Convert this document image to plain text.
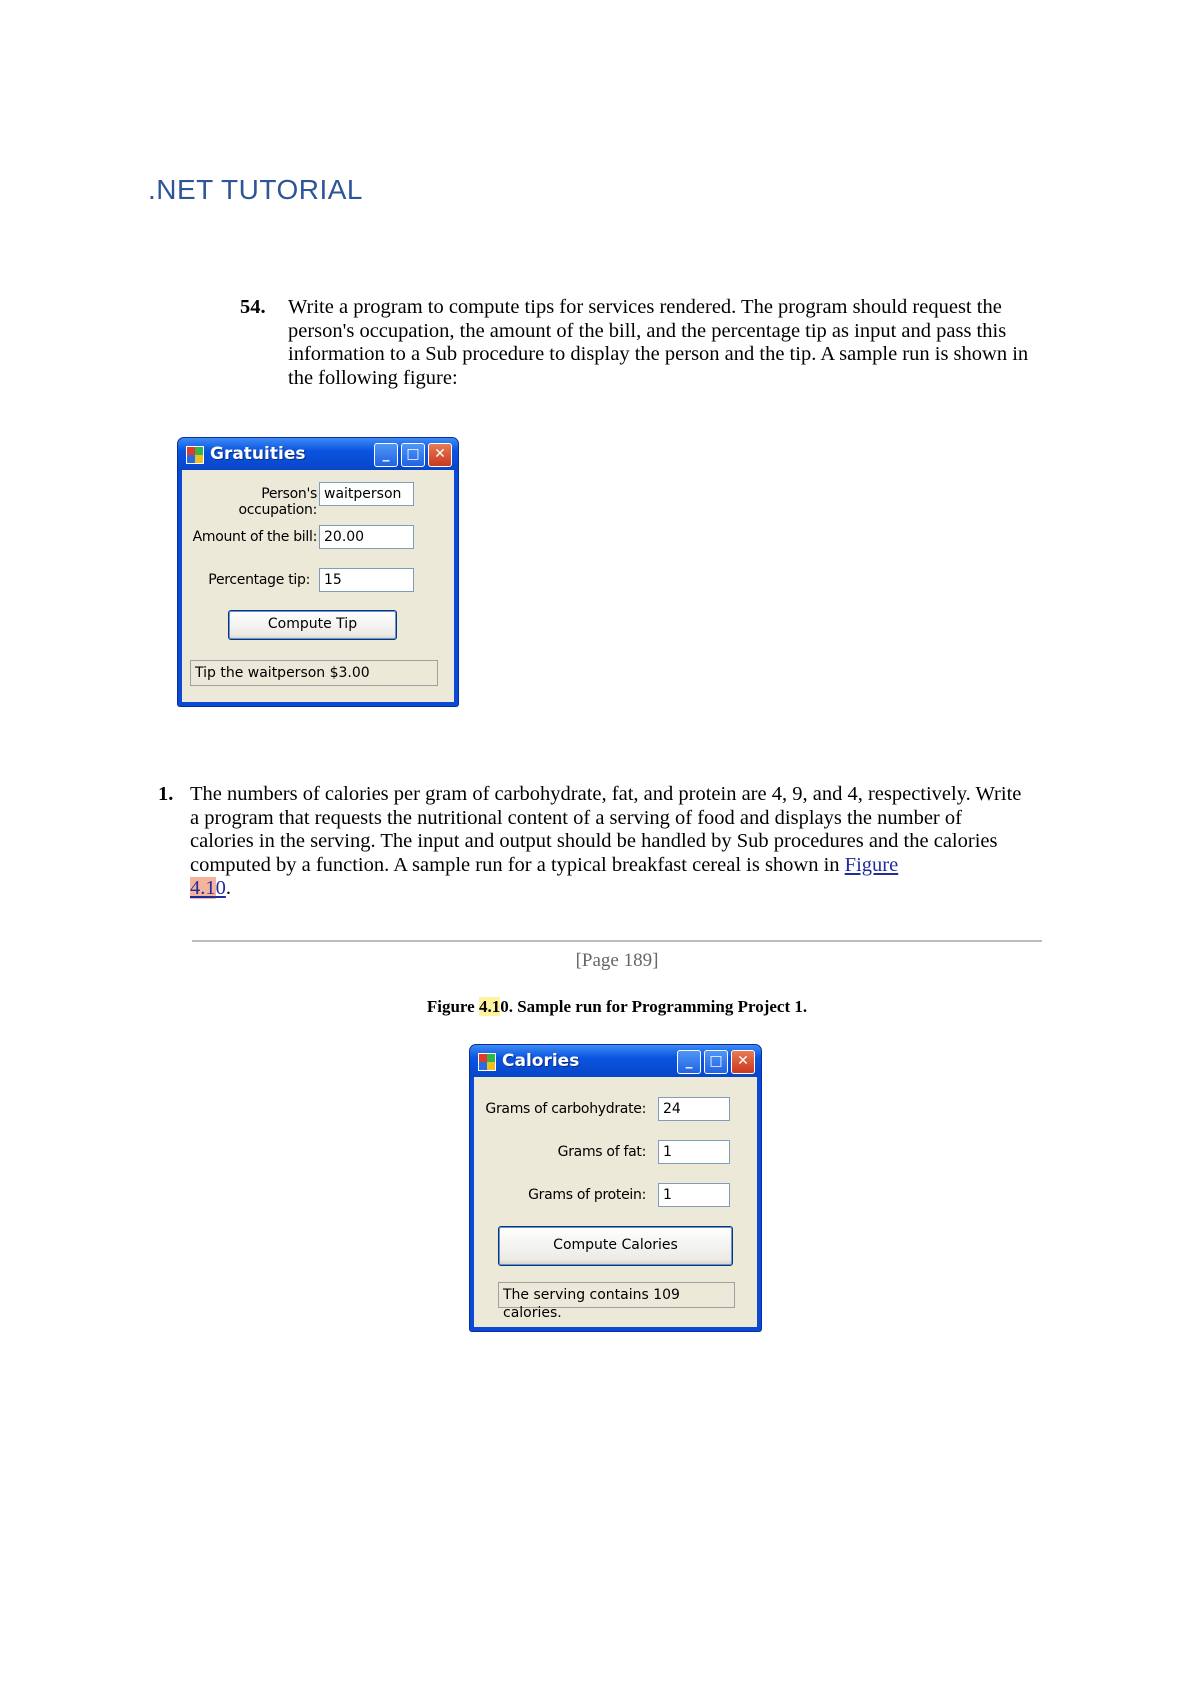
.NET TUTORIAL
54. Write a program to compute tips for services rendered. The program should request the person's occupation, the amount of the bill, and the percentage tip as input and pass this information to a Sub procedure to display the person and the tip. A sample run is shown in the following figure:
Gratuities	_	□	✕
Person's occupation:
waitperson
Amount of the bill: 20.00
Percentage tip:	15
Compute Tip
Tip the waitperson $3.00
1. The numbers of calories per gram of carbohydrate, fat, and protein are 4, 9, and 4, respectively. Write a program that requests the nutritional content of a serving of food and displays the number of calories in the serving. The input and output should be handled by Sub procedures and the calories computed by a function. A sample run for a typical breakfast cereal is shown in Figure
4.10.
[Page 189]
Figure 4.10. Sample run for Programming Project 1.
Calories	_	□	✕
Grams of carbohydrate:	24
Grams of fat:	1
Grams of protein:	1
Compute Calories
The serving contains 109 calories.
